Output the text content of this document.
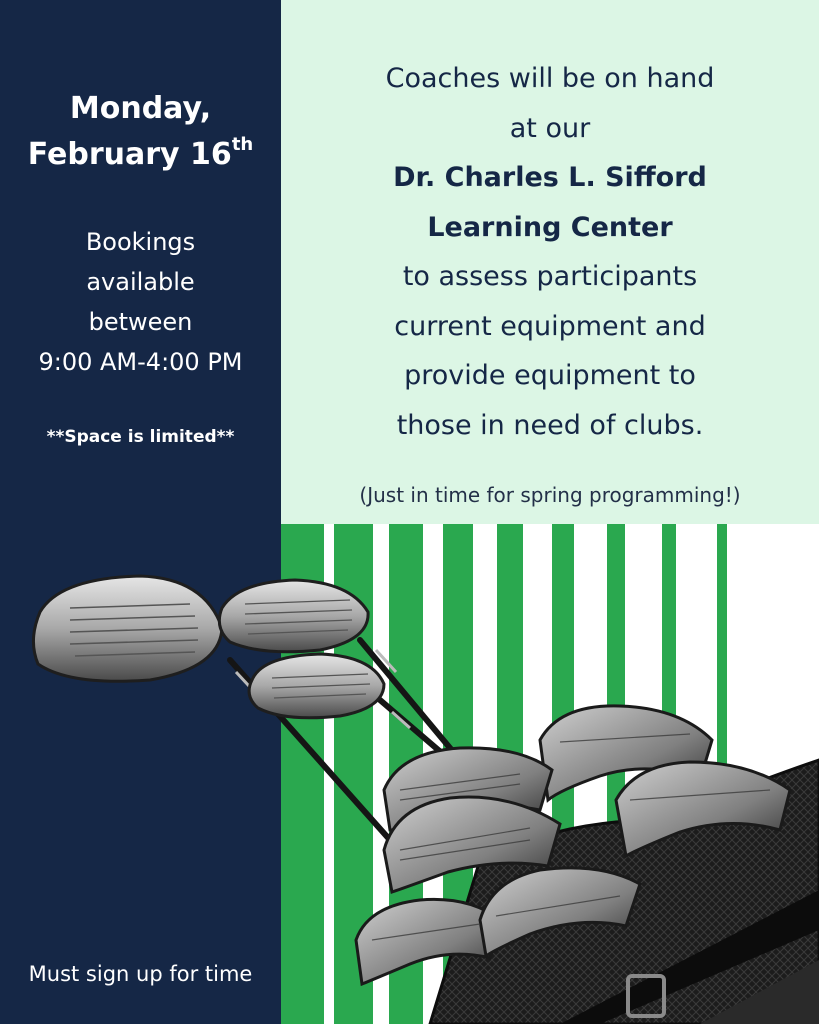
Monday,
February 16th
Bookings
available
between
9:00 AM-4:00 PM
**Space is limited**
Coaches will be on hand
at our
Dr. Charles L. Sifford
Learning Center
to assess participants
current equipment and
provide equipment to
those in need of clubs.
(Just in time for spring programming!)
Must sign up for time
